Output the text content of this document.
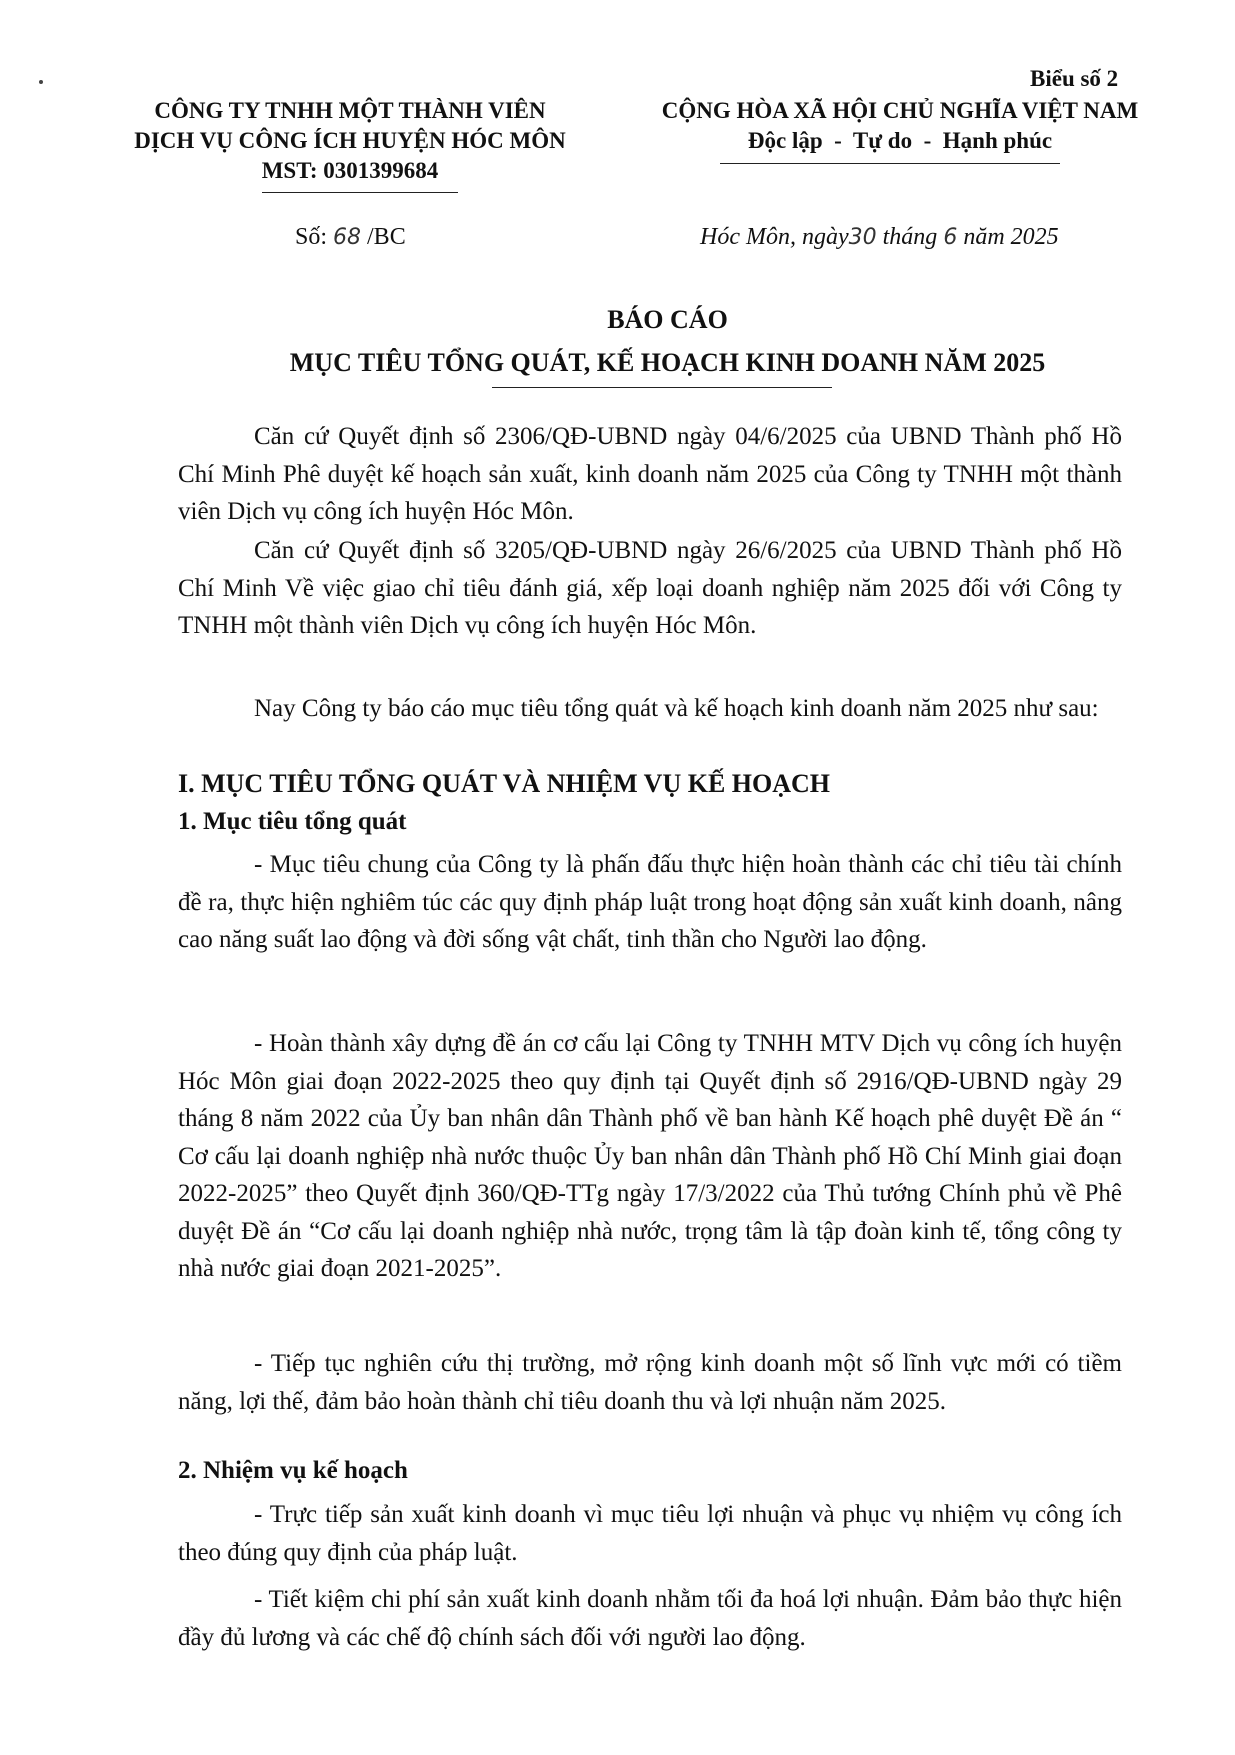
Biểu số 2
CÔNG TY TNHH MỘT THÀNH VIÊN
DỊCH VỤ CÔNG ÍCH HUYỆN HÓC MÔN
MST: 0301399684
CỘNG HÒA XÃ HỘI CHỦ NGHĨA VIỆT NAM
Độc lập  -  Tự do  -  Hạnh phúc
Số: 68 /BC	Hóc Môn, ngày30 tháng 6 năm 2025
BÁO CÁO
MỤC TIÊU TỔNG QUÁT, KẾ HOẠCH KINH DOANH NĂM 2025

Căn cứ Quyết định số 2306/QĐ-UBND ngày 04/6/2025 của UBND Thành phố Hồ Chí Minh Phê duyệt kế hoạch sản xuất, kinh doanh năm 2025 của Công ty TNHH một thành viên Dịch vụ công ích huyện Hóc Môn.

Căn cứ Quyết định số 3205/QĐ-UBND ngày 26/6/2025 của UBND Thành phố Hồ Chí Minh Về việc giao chỉ tiêu đánh giá, xếp loại doanh nghiệp năm 2025 đối với Công ty TNHH một thành viên Dịch vụ công ích huyện Hóc Môn.

Nay Công ty báo cáo mục tiêu tổng quát và kế hoạch kinh doanh năm 2025 như sau:

I. MỤC TIÊU TỔNG QUÁT VÀ NHIỆM VỤ KẾ HOẠCH
1. Mục tiêu tổng quát

- Mục tiêu chung của Công ty là phấn đấu thực hiện hoàn thành các chỉ tiêu tài chính đề ra, thực hiện nghiêm túc các quy định pháp luật trong hoạt động sản xuất kinh doanh, nâng cao năng suất lao động và đời sống vật chất, tinh thần cho Người lao động.

- Hoàn thành xây dựng đề án cơ cấu lại Công ty TNHH MTV Dịch vụ công ích huyện Hóc Môn giai đoạn 2022-2025 theo quy định tại Quyết định số 2916/QĐ-UBND ngày 29 tháng 8 năm 2022 của Ủy ban nhân dân Thành phố về ban hành Kế hoạch phê duyệt Đề án “ Cơ cấu lại doanh nghiệp nhà nước thuộc Ủy ban nhân dân Thành phố Hồ Chí Minh giai đoạn 2022-2025” theo Quyết định 360/QĐ-TTg ngày 17/3/2022 của Thủ tướng Chính phủ về Phê duyệt Đề án “Cơ cấu lại doanh nghiệp nhà nước, trọng tâm là tập đoàn kinh tế, tổng công ty nhà nước giai đoạn 2021-2025”.

- Tiếp tục nghiên cứu thị trường, mở rộng kinh doanh một số lĩnh vực mới có tiềm năng, lợi thế, đảm bảo hoàn thành chỉ tiêu doanh thu và lợi nhuận năm 2025.

2. Nhiệm vụ kế hoạch

- Trực tiếp sản xuất kinh doanh vì mục tiêu lợi nhuận và phục vụ nhiệm vụ công ích theo đúng quy định của pháp luật.

- Tiết kiệm chi phí sản xuất kinh doanh nhằm tối đa hoá lợi nhuận. Đảm bảo thực hiện đầy đủ lương và các chế độ chính sách đối với người lao động.
